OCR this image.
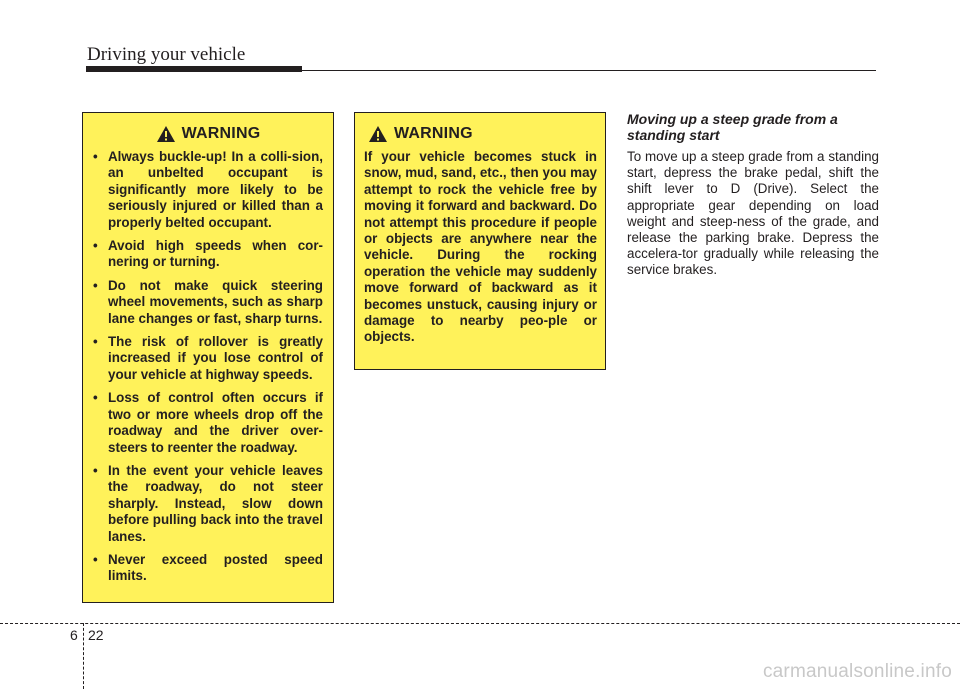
Driving your vehicle
WARNING
• Always buckle-up! In a colli-sion, an unbelted occupant is significantly more likely to be seriously injured or killed than a properly belted occupant.
• Avoid high speeds when cor-nering or turning.
• Do not make quick steering wheel movements, such as sharp lane changes or fast, sharp turns.
• The risk of rollover is greatly increased if you lose control of your vehicle at highway speeds.
• Loss of control often occurs if two or more wheels drop off the roadway and the driver over-steers to reenter the roadway.
• In the event your vehicle leaves the roadway, do not steer sharply. Instead, slow down before pulling back into the travel lanes.
• Never exceed posted speed limits.
WARNING

If your vehicle becomes stuck in snow, mud, sand, etc., then you may attempt to rock the vehicle free by moving it forward and backward. Do not attempt this procedure if people or objects are anywhere near the vehicle. During the rocking operation the vehicle may suddenly move forward of backward as it becomes unstuck, causing injury or damage to nearby peo-ple or objects.

Moving up a steep grade from a standing start

To move up a steep grade from a standing start, depress the brake pedal, shift the shift lever to D (Drive). Select the appropriate gear depending on load weight and steep-ness of the grade, and release the parking brake. Depress the accelera-tor gradually while releasing the service brakes.

6 22
carmanualsonline.info
